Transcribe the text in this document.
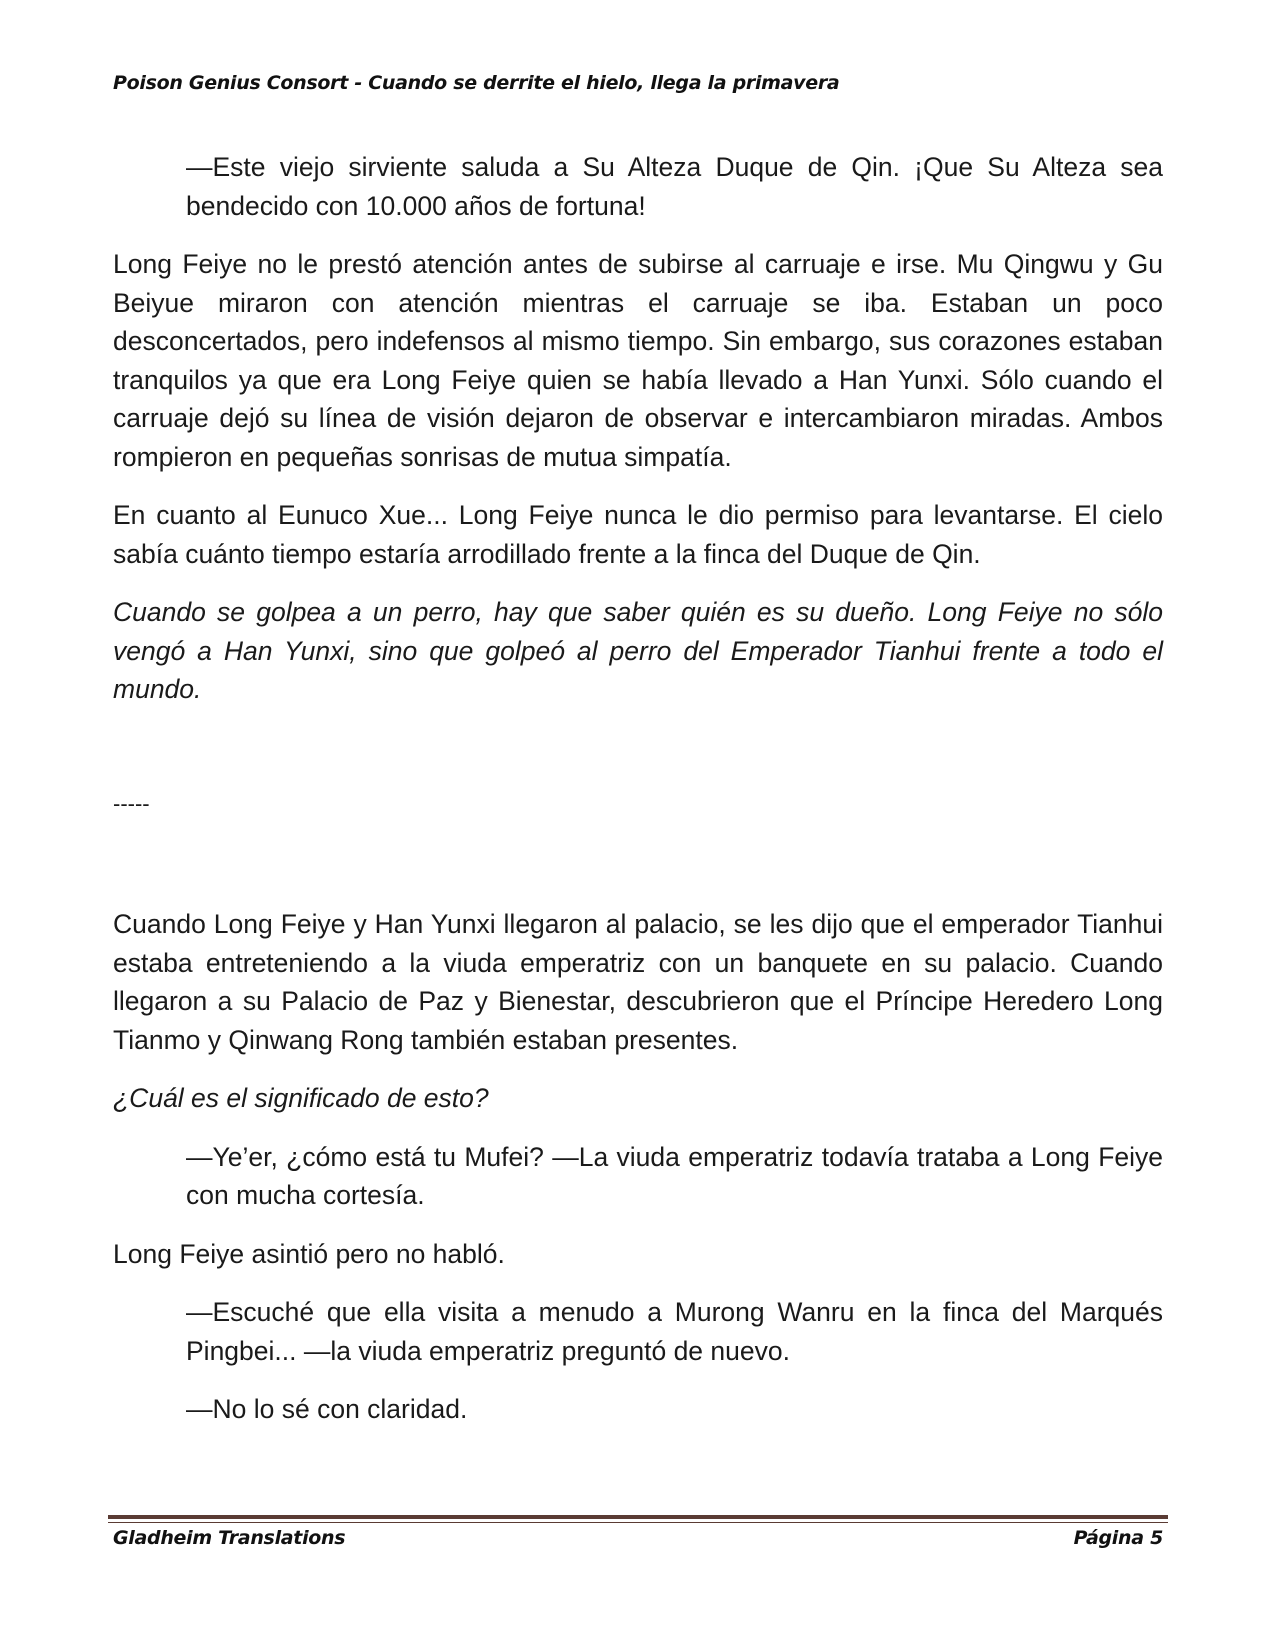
Poison Genius Consort - Cuando se derrite el hielo, llega la primavera

—Este viejo sirviente saluda a Su Alteza Duque de Qin. ¡Que Su Alteza sea bendecido con 10.000 años de fortuna!

Long Feiye no le prestó atención antes de subirse al carruaje e irse. Mu Qingwu y Gu Beiyue miraron con atención mientras el carruaje se iba. Estaban un poco desconcertados, pero indefensos al mismo tiempo. Sin embargo, sus corazones estaban tranquilos ya que era Long Feiye quien se había llevado a Han Yunxi. Sólo cuando el carruaje dejó su línea de visión dejaron de observar e intercambiaron miradas. Ambos rompieron en pequeñas sonrisas de mutua simpatía.

En cuanto al Eunuco Xue... Long Feiye nunca le dio permiso para levantarse. El cielo sabía cuánto tiempo estaría arrodillado frente a la finca del Duque de Qin.

Cuando se golpea a un perro, hay que saber quién es su dueño. Long Feiye no sólo vengó a Han Yunxi, sino que golpeó al perro del Emperador Tianhui frente a todo el mundo.

-----

Cuando Long Feiye y Han Yunxi llegaron al palacio, se les dijo que el emperador Tianhui estaba entreteniendo a la viuda emperatriz con un banquete en su palacio. Cuando llegaron a su Palacio de Paz y Bienestar, descubrieron que el Príncipe Heredero Long Tianmo y Qinwang Rong también estaban presentes.

¿Cuál es el significado de esto?

—Ye’er, ¿cómo está tu Mufei? —La viuda emperatriz todavía trataba a Long Feiye con mucha cortesía.

Long Feiye asintió pero no habló.

—Escuché que ella visita a menudo a Murong Wanru en la finca del Marqués Pingbei... —la viuda emperatriz preguntó de nuevo.

—No lo sé con claridad.

Gladheim Translations	Página 5
